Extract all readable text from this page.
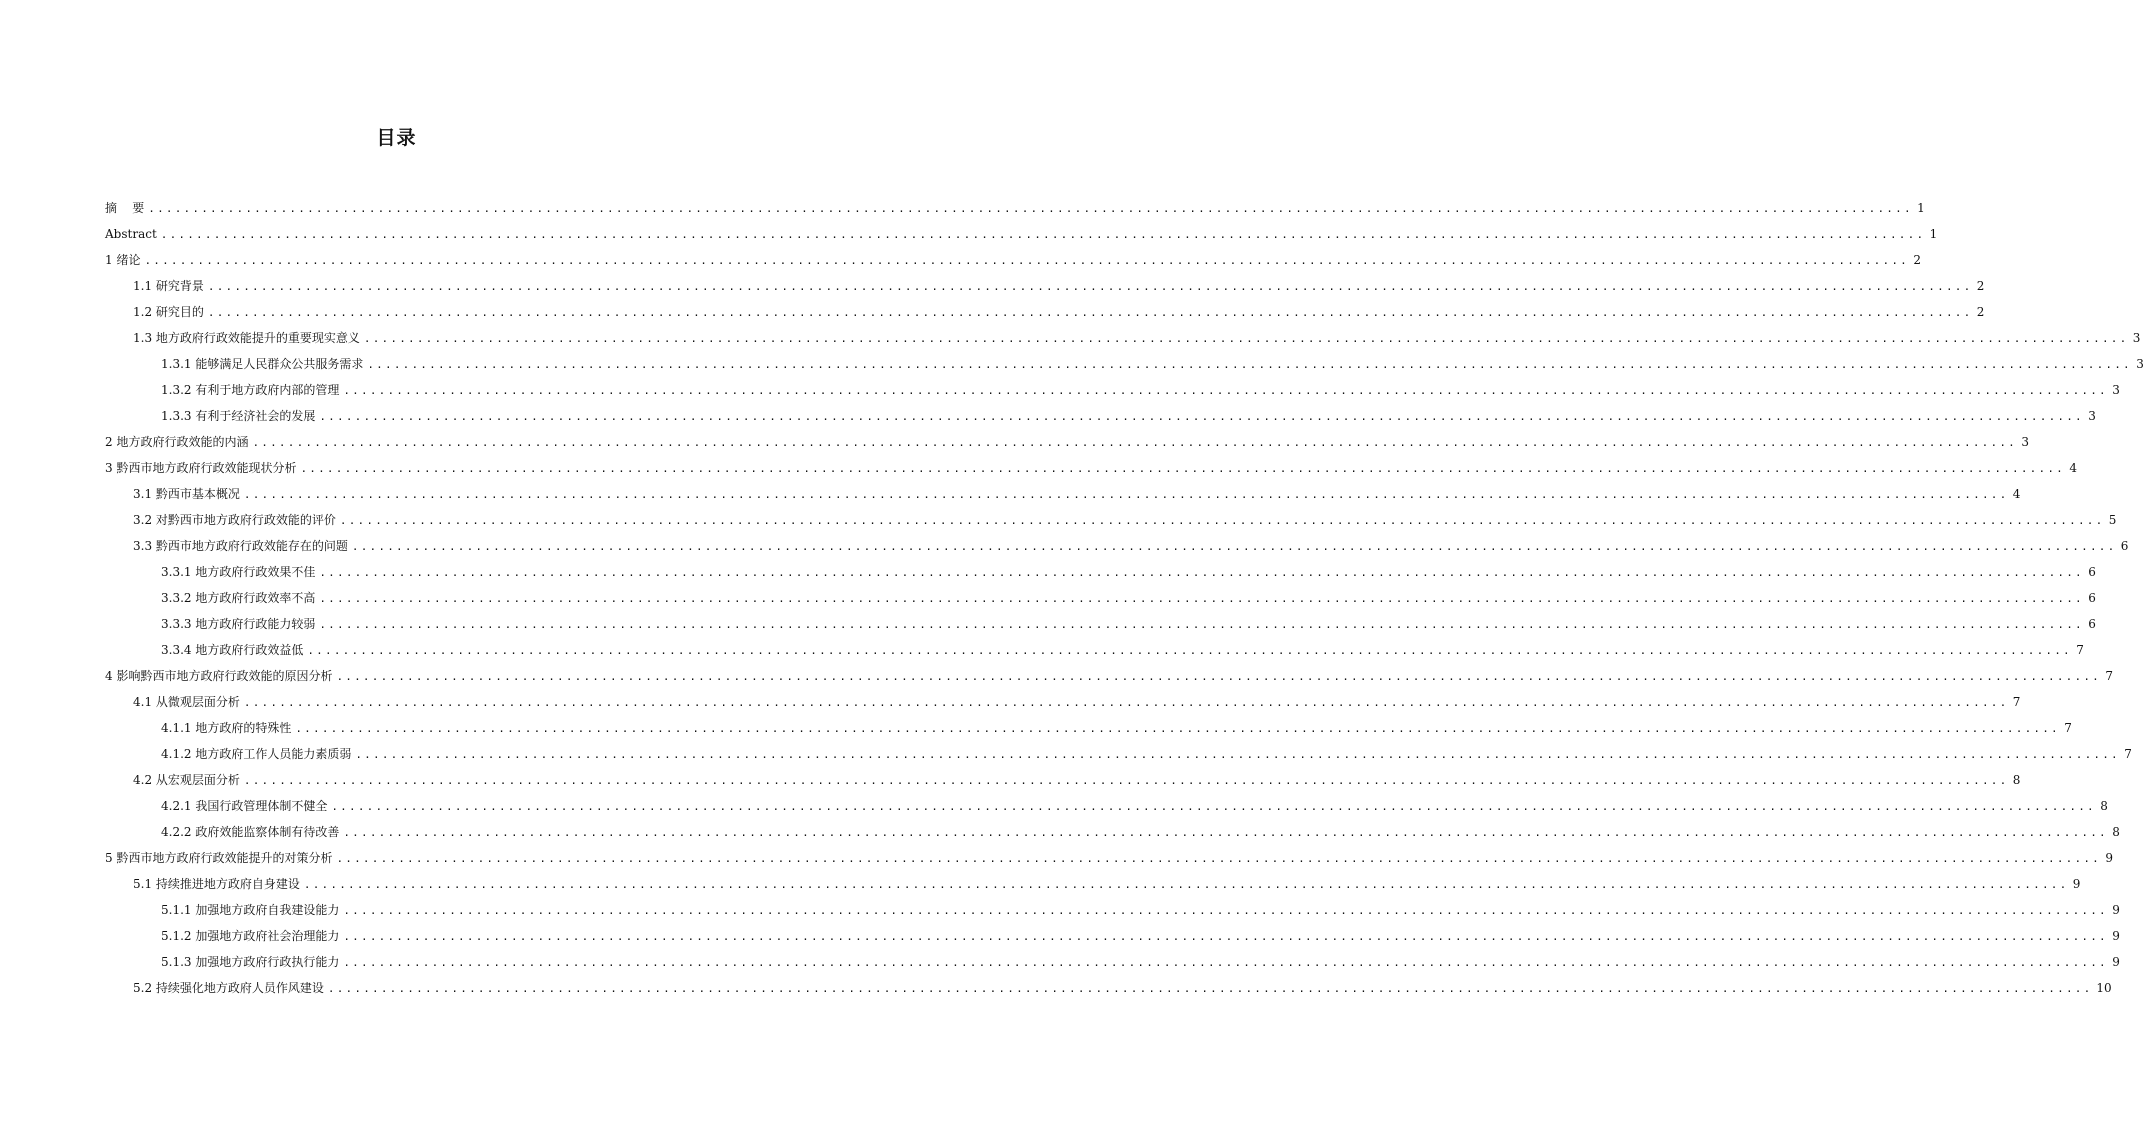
目录
摘    要 ........................................................................................................................................................................................................ 1
Abstract ........................................................................................................................................................................................................ 1
1 绪论 ........................................................................................................................................................................................................ 2
1.1 研究背景 ........................................................................................................................................................................................................ 2
1.2 研究目的 ........................................................................................................................................................................................................ 2
1.3 地方政府行政效能提升的重要现实意义 ........................................................................................................................................................................................................ 3
1.3.1 能够满足人民群众公共服务需求 ........................................................................................................................................................................................................ 3
1.3.2 有利于地方政府内部的管理 ........................................................................................................................................................................................................ 3
1.3.3 有利于经济社会的发展 ........................................................................................................................................................................................................ 3
2 地方政府行政效能的内涵 ........................................................................................................................................................................................................ 3
3 黔西市地方政府行政效能现状分析 ........................................................................................................................................................................................................ 4
3.1 黔西市基本概况 ........................................................................................................................................................................................................ 4
3.2 对黔西市地方政府行政效能的评价 ........................................................................................................................................................................................................ 5
3.3 黔西市地方政府行政效能存在的问题 ........................................................................................................................................................................................................ 6
3.3.1 地方政府行政效果不佳 ........................................................................................................................................................................................................ 6
3.3.2 地方政府行政效率不高 ........................................................................................................................................................................................................ 6
3.3.3 地方政府行政能力较弱 ........................................................................................................................................................................................................ 6
3.3.4 地方政府行政效益低 ........................................................................................................................................................................................................ 7
4 影响黔西市地方政府行政效能的原因分析 ........................................................................................................................................................................................................ 7
4.1 从微观层面分析 ........................................................................................................................................................................................................ 7
4.1.1 地方政府的特殊性 ........................................................................................................................................................................................................ 7
4.1.2 地方政府工作人员能力素质弱 ........................................................................................................................................................................................................ 7
4.2 从宏观层面分析 ........................................................................................................................................................................................................ 8
4.2.1 我国行政管理体制不健全 ........................................................................................................................................................................................................ 8
4.2.2 政府效能监察体制有待改善 ........................................................................................................................................................................................................ 8
5 黔西市地方政府行政效能提升的对策分析 ........................................................................................................................................................................................................ 9
5.1 持续推进地方政府自身建设 ........................................................................................................................................................................................................ 9
5.1.1 加强地方政府自我建设能力 ........................................................................................................................................................................................................ 9
5.1.2 加强地方政府社会治理能力 ........................................................................................................................................................................................................ 9
5.1.3 加强地方政府行政执行能力 ........................................................................................................................................................................................................ 9
5.2 持续强化地方政府人员作风建设 ........................................................................................................................................................................................................ 10
